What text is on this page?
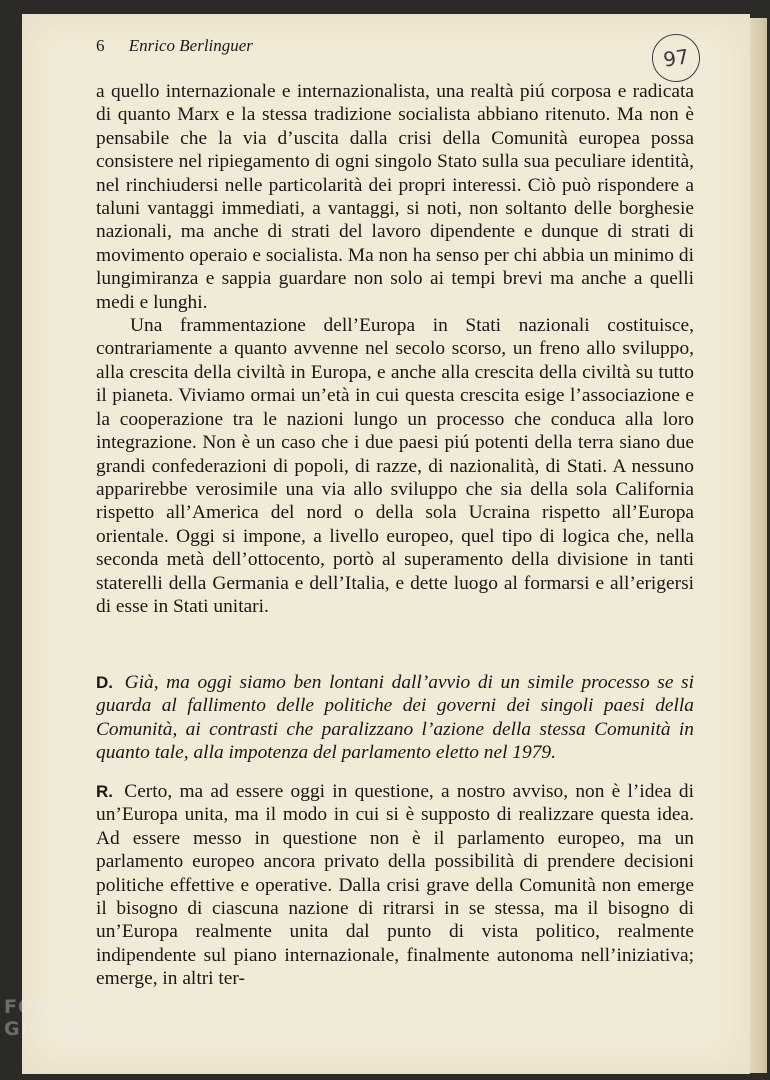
6 Enrico Berlinguer	97

a quello internazionale e internazionalista, una realtà piú corposa e radicata di quanto Marx e la stessa tradizione socialista abbiano ritenuto. Ma non è pensabile che la via d’uscita dalla crisi della Comunità europea possa consistere nel ripiegamento di ogni singolo Stato sulla sua peculiare identità, nel rinchiudersi nelle particolarità dei propri interessi. Ciò può rispondere a taluni vantaggi immediati, a vantaggi, si noti, non soltanto delle borghesie nazionali, ma anche di strati del lavoro dipendente e dunque di strati di movimento operaio e socialista. Ma non ha senso per chi abbia un minimo di lungimiranza e sappia guardare non solo ai tempi brevi ma anche a quelli medi e lunghi.

Una frammentazione dell’Europa in Stati nazionali costituisce, contrariamente a quanto avvenne nel secolo scorso, un freno allo sviluppo, alla crescita della civiltà in Europa, e anche alla crescita della civiltà su tutto il pianeta. Viviamo ormai un’età in cui questa crescita esige l’associazione e la cooperazione tra le nazioni lungo un processo che conduca alla loro integrazione. Non è un caso che i due paesi piú potenti della terra siano due grandi confederazioni di popoli, di razze, di nazionalità, di Stati. A nessuno apparirebbe verosimile una via allo sviluppo che sia della sola California rispetto all’America del nord o della sola Ucraina rispetto all’Europa orientale. Oggi si impone, a livello europeo, quel tipo di logica che, nella seconda metà dell’ottocento, portò al superamento della divisione in tanti staterelli della Germania e dell’Italia, e dette luogo al formarsi e all’erigersi di esse in Stati unitari.

D. Già, ma oggi siamo ben lontani dall’avvio di un simile processo se si guarda al fallimento delle politiche dei governi dei singoli paesi della Comunità, ai contrasti che paralizzano l’azione della stessa Comunità in quanto tale, alla impotenza del parlamento eletto nel 1979.

R. Certo, ma ad essere oggi in questione, a nostro avviso, non è l’idea di un’Europa unita, ma il modo in cui si è supposto di realizzare questa idea. Ad essere messo in questione non è il parlamento europeo, ma un parlamento europeo ancora privato della possibilità di prendere decisioni politiche effettive e operative. Dalla crisi grave della Comunità non emerge il bisogno di ciascuna nazione di ritrarsi in se stessa, ma il bisogno di un’Europa realmente unita dal punto di vista politico, realmente indipendente sul piano internazionale, finalmente autonoma nell’iniziativa; emerge, in altri ter-

FONDAZIONE
GRAMSCI
